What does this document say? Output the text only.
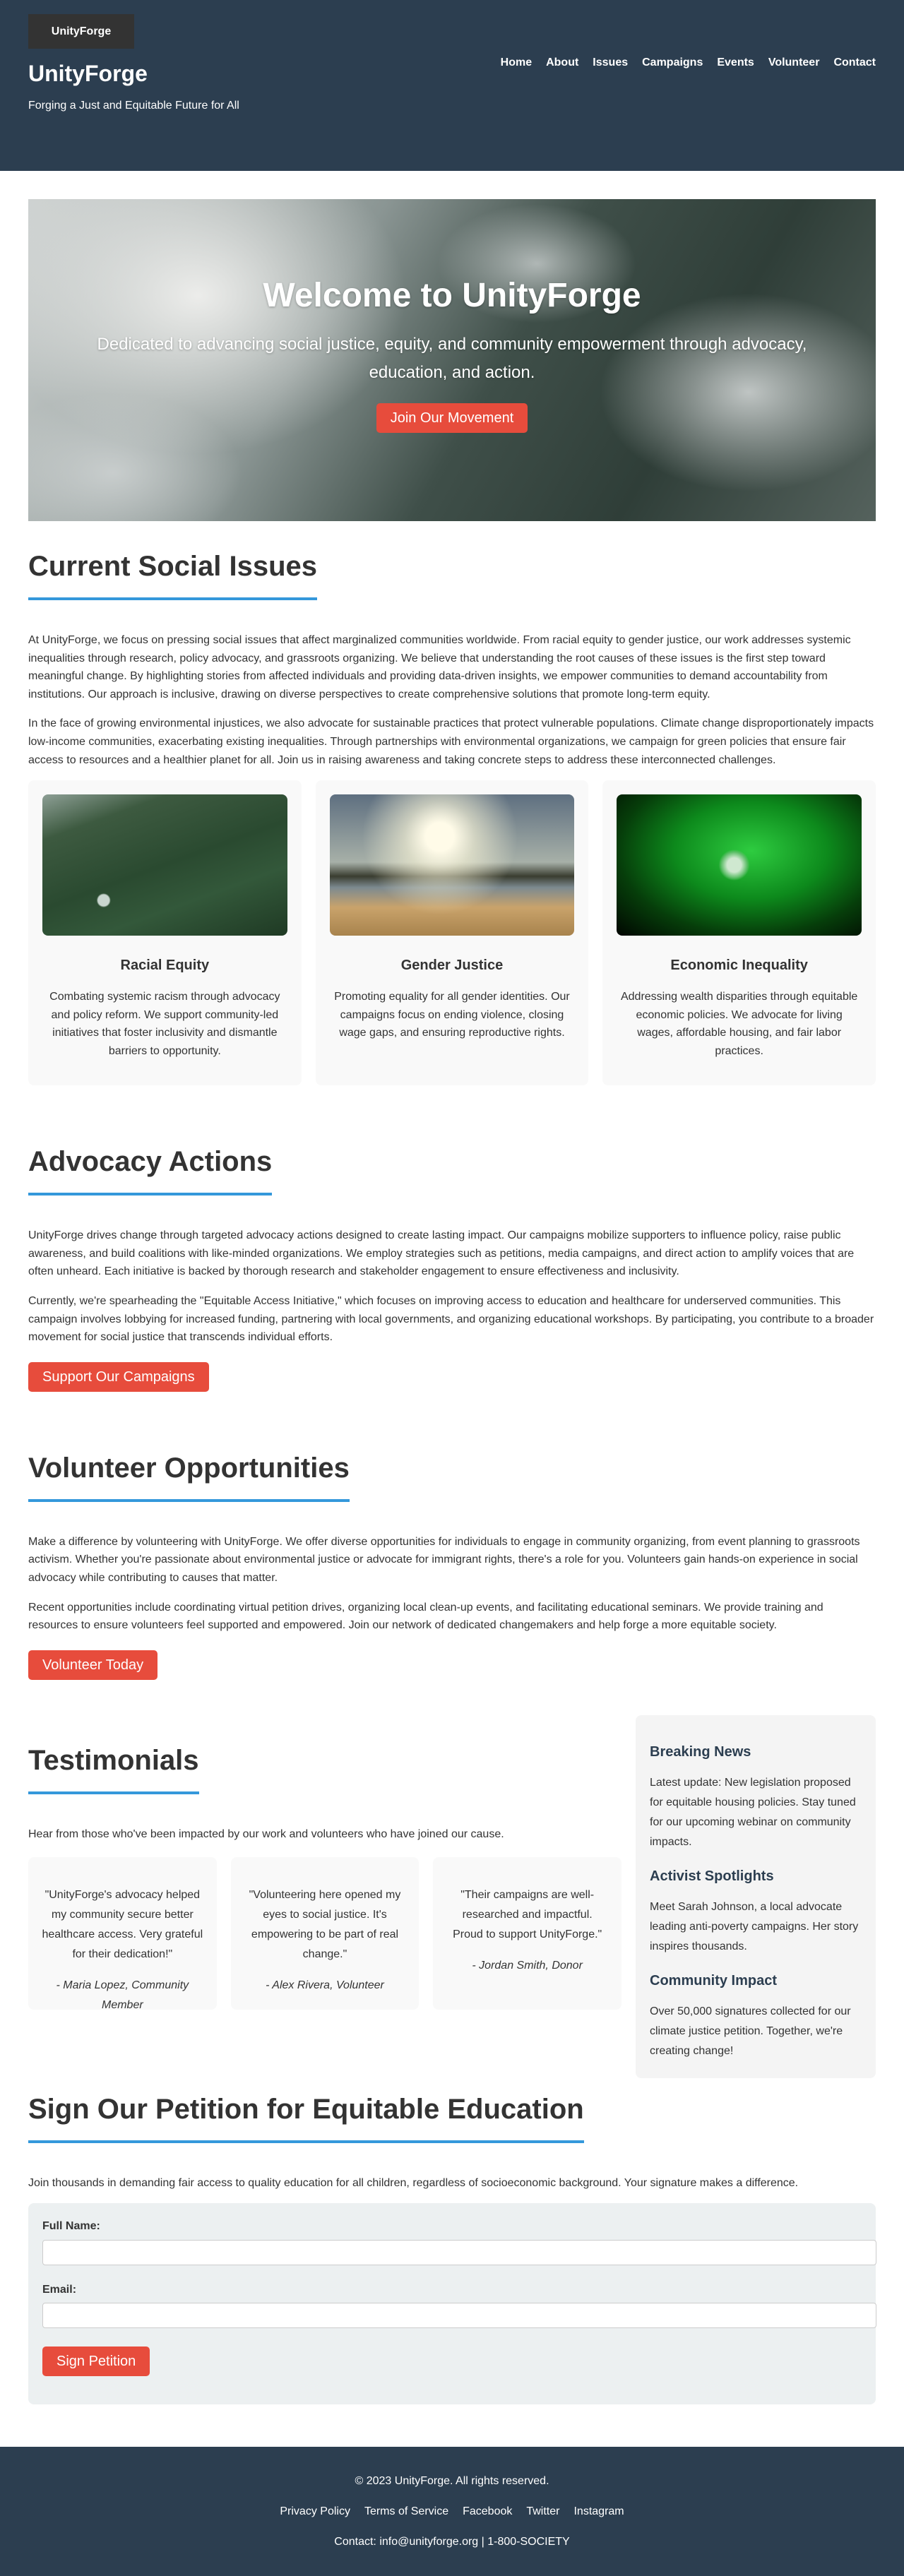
UnityForge
UnityForge
Forging a Just and Equitable Future for All
Home About Issues Campaigns Events Volunteer Contact
Welcome to UnityForge

Dedicated to advancing social justice, equity, and community empowerment through advocacy, education, and action.

Join Our Movement
Current Social Issues

At UnityForge, we focus on pressing social issues that affect marginalized communities worldwide. From racial equity to gender justice, our work addresses systemic inequalities through research, policy advocacy, and grassroots organizing. We believe that understanding the root causes of these issues is the first step toward meaningful change. By highlighting stories from affected individuals and providing data-driven insights, we empower communities to demand accountability from institutions. Our approach is inclusive, drawing on diverse perspectives to create comprehensive solutions that promote long-term equity.

In the face of growing environmental injustices, we also advocate for sustainable practices that protect vulnerable populations. Climate change disproportionately impacts low-income communities, exacerbating existing inequalities. Through partnerships with environmental organizations, we campaign for green policies that ensure fair access to resources and a healthier planet for all. Join us in raising awareness and taking concrete steps to address these interconnected challenges.

Racial Equity

Combating systemic racism through advocacy and policy reform. We support community-led initiatives that foster inclusivity and dismantle barriers to opportunity.

Gender Justice

Promoting equality for all gender identities. Our campaigns focus on ending violence, closing wage gaps, and ensuring reproductive rights.

Economic Inequality

Addressing wealth disparities through equitable economic policies. We advocate for living wages, affordable housing, and fair labor practices.

Advocacy Actions

UnityForge drives change through targeted advocacy actions designed to create lasting impact. Our campaigns mobilize supporters to influence policy, raise public awareness, and build coalitions with like-minded organizations. We employ strategies such as petitions, media campaigns, and direct action to amplify voices that are often unheard. Each initiative is backed by thorough research and stakeholder engagement to ensure effectiveness and inclusivity.

Currently, we're spearheading the "Equitable Access Initiative," which focuses on improving access to education and healthcare for underserved communities. This campaign involves lobbying for increased funding, partnering with local governments, and organizing educational workshops. By participating, you contribute to a broader movement for social justice that transcends individual efforts.

Support Our Campaigns
Volunteer Opportunities

Make a difference by volunteering with UnityForge. We offer diverse opportunities for individuals to engage in community organizing, from event planning to grassroots activism. Whether you're passionate about environmental justice or advocate for immigrant rights, there's a role for you. Volunteers gain hands-on experience in social advocacy while contributing to causes that matter.

Recent opportunities include coordinating virtual petition drives, organizing local clean-up events, and facilitating educational seminars. We provide training and resources to ensure volunteers feel supported and empowered. Join our network of dedicated changemakers and help forge a more equitable society.

Volunteer Today
Testimonials

Hear from those who've been impacted by our work and volunteers who have joined our cause.

"UnityForge's advocacy helped my community secure better healthcare access. Very grateful for their dedication!"

- Maria Lopez, Community Member

"Volunteering here opened my eyes to social justice. It's empowering to be part of real change."

- Alex Rivera, Volunteer

"Their campaigns are well-researched and impactful. Proud to support UnityForge."

- Jordan Smith, Donor

Breaking News

Latest update: New legislation proposed for equitable housing policies. Stay tuned for our upcoming webinar on community impacts.

Activist Spotlights

Meet Sarah Johnson, a local advocate leading anti-poverty campaigns. Her story inspires thousands.

Community Impact

Over 50,000 signatures collected for our climate justice petition. Together, we're creating change!

Sign Our Petition for Equitable Education

Join thousands in demanding fair access to quality education for all children, regardless of socioeconomic background. Your signature makes a difference.

Full Name:
Email:
Sign Petition

© 2023 UnityForge. All rights reserved.

Privacy Policy Terms of Service Facebook Twitter Instagram

Contact: info@unityforge.org | 1-800-SOCIETY
